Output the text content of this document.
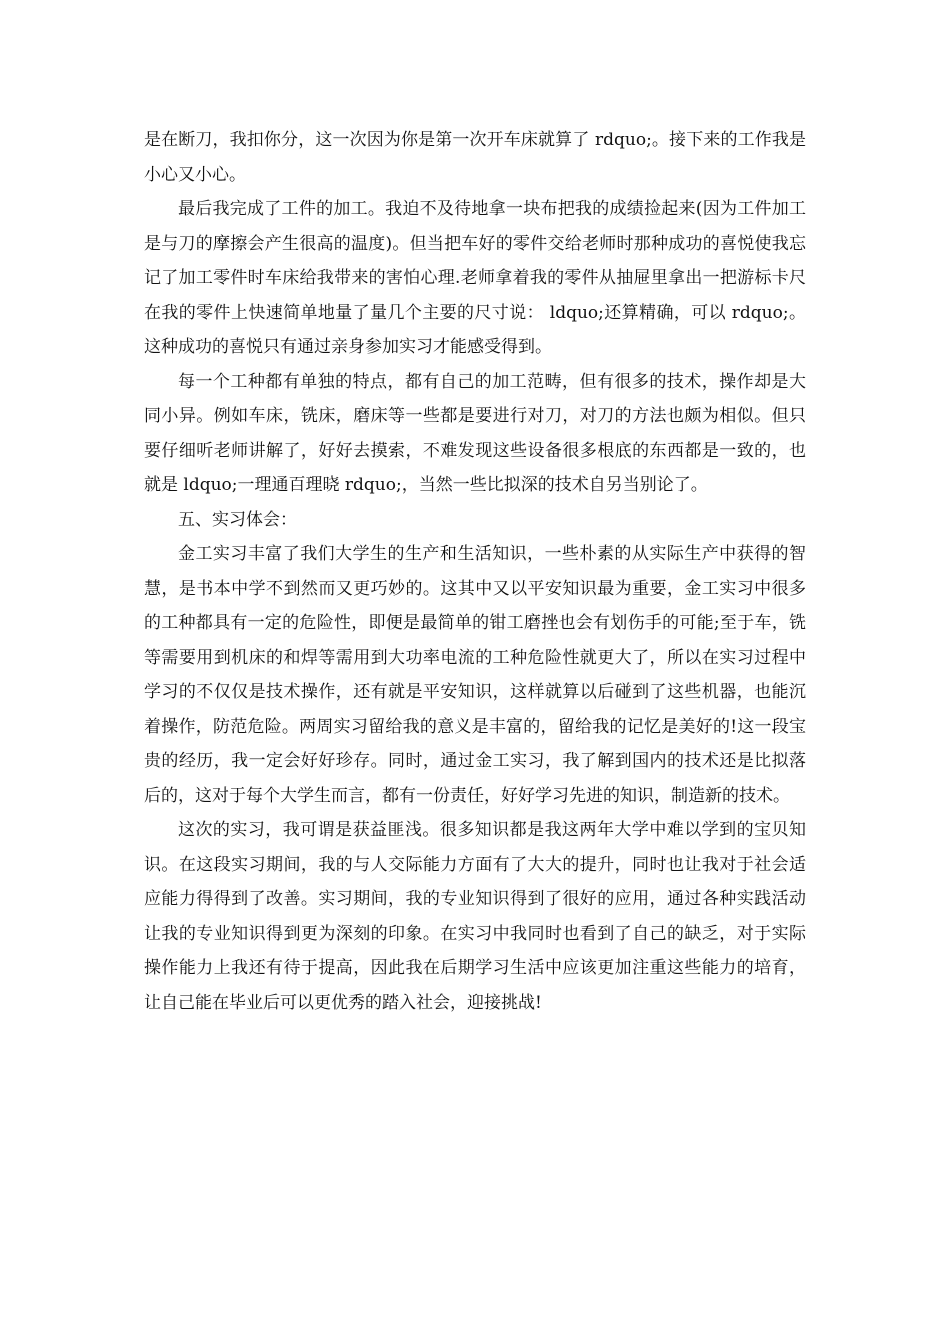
是在断刀，我扣你分，这一次因为你是第一次开车床就算了 rdquo;。接下来的工作我是小心又小心。

最后我完成了工件的加工。我迫不及待地拿一块布把我的成绩捡起来(因为工件加工是与刀的摩擦会产生很高的温度)。但当把车好的零件交给老师时那种成功的喜悦使我忘记了加工零件时车床给我带来的害怕心理.老师拿着我的零件从抽屉里拿出一把游标卡尺在我的零件上快速简单地量了量几个主要的尺寸说： ldquo;还算精确，可以 rdquo;。这种成功的喜悦只有通过亲身参加实习才能感受得到。

每一个工种都有单独的特点，都有自己的加工范畴，但有很多的技术，操作却是大同小异。例如车床，铣床，磨床等一些都是要进行对刀，对刀的方法也颇为相似。但只要仔细听老师讲解了，好好去摸索，不难发现这些设备很多根底的东西都是一致的，也就是 ldquo;一理通百理晓 rdquo;，当然一些比拟深的技术自另当别论了。

五、实习体会：

金工实习丰富了我们大学生的生产和生活知识，一些朴素的从实际生产中获得的智慧，是书本中学不到然而又更巧妙的。这其中又以平安知识最为重要，金工实习中很多的工种都具有一定的危险性，即便是最简单的钳工磨挫也会有划伤手的可能;至于车，铣等需要用到机床的和焊等需用到大功率电流的工种危险性就更大了，所以在实习过程中学习的不仅仅是技术操作，还有就是平安知识，这样就算以后碰到了这些机器，也能沉着操作，防范危险。两周实习留给我的意义是丰富的，留给我的记忆是美好的!这一段宝贵的经历，我一定会好好珍存。同时，通过金工实习，我了解到国内的技术还是比拟落后的，这对于每个大学生而言，都有一份责任，好好学习先进的知识，制造新的技术。

这次的实习，我可谓是获益匪浅。很多知识都是我这两年大学中难以学到的宝贝知识。在这段实习期间，我的与人交际能力方面有了大大的提升，同时也让我对于社会适应能力得得到了改善。实习期间，我的专业知识得到了很好的应用，通过各种实践活动让我的专业知识得到更为深刻的印象。在实习中我同时也看到了自己的缺乏，对于实际操作能力上我还有待于提高，因此我在后期学习生活中应该更加注重这些能力的培育，让自己能在毕业后可以更优秀的踏入社会，迎接挑战!
